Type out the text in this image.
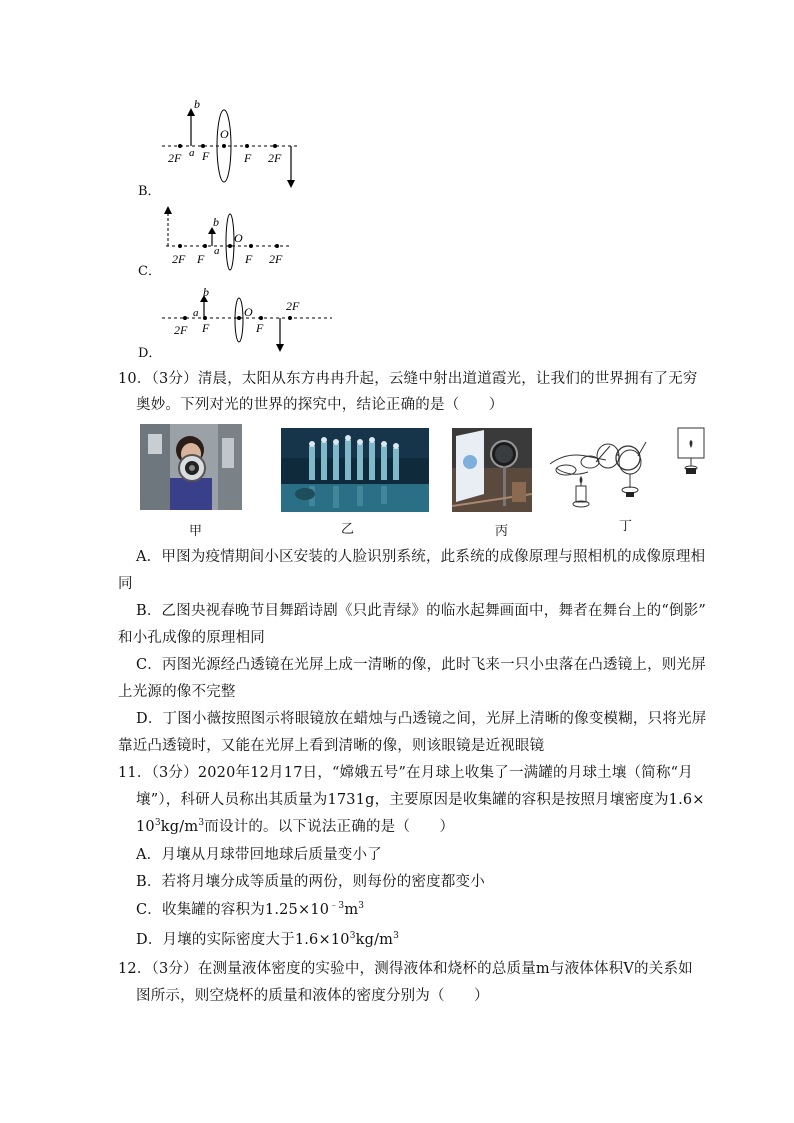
B．
b
a
O
2F F	F 2F
C．
b
a
O
2F F	F 2F
D．
b
a	O	2F
2F F	F
10．（3分）清晨，太阳从东方冉冉升起，云缝中射出道道霞光，让我们的世界拥有了无穷
奥妙。下列对光的世界的探究中，结论正确的是（　　）
甲	乙	丙	丁
A．甲图为疫情期间小区安装的人脸识别系统，此系统的成像原理与照相机的成像原理相
同
B．乙图央视春晚节目舞蹈诗剧《只此青绿》的临水起舞画面中，舞者在舞台上的“倒影”
和小孔成像的原理相同
C．丙图光源经凸透镜在光屏上成一清晰的像，此时飞来一只小虫落在凸透镜上，则光屏
上光源的像不完整
D．丁图小薇按照图示将眼镜放在蜡烛与凸透镜之间，光屏上清晰的像变模糊，只将光屏
靠近凸透镜时，又能在光屏上看到清晰的像，则该眼镜是近视眼镜
11．（3分）2020年12月17日，“嫦娥五号”在月球上收集了一满罐的月球土壤（简称“月
壤”），科研人员称出其质量为1731g，主要原因是收集罐的容积是按照月壤密度为1.6×
$10^3kg/m^3$而设计的。以下说法正确的是（　　）
A．月壤从月球带回地球后质量变小了
B．若将月壤分成等质量的两份，则每份的密度都变小
C．收集罐的容积为$1.25\times 10^{﹣3}m^3$
D．月壤的实际密度大于$1.6\times 10^3kg/m^3$
12．（3分）在测量液体密度的实验中，测得液体和烧杯的总质量m与液体体积V的关系如
图所示，则空烧杯的质量和液体的密度分别为（　　）
